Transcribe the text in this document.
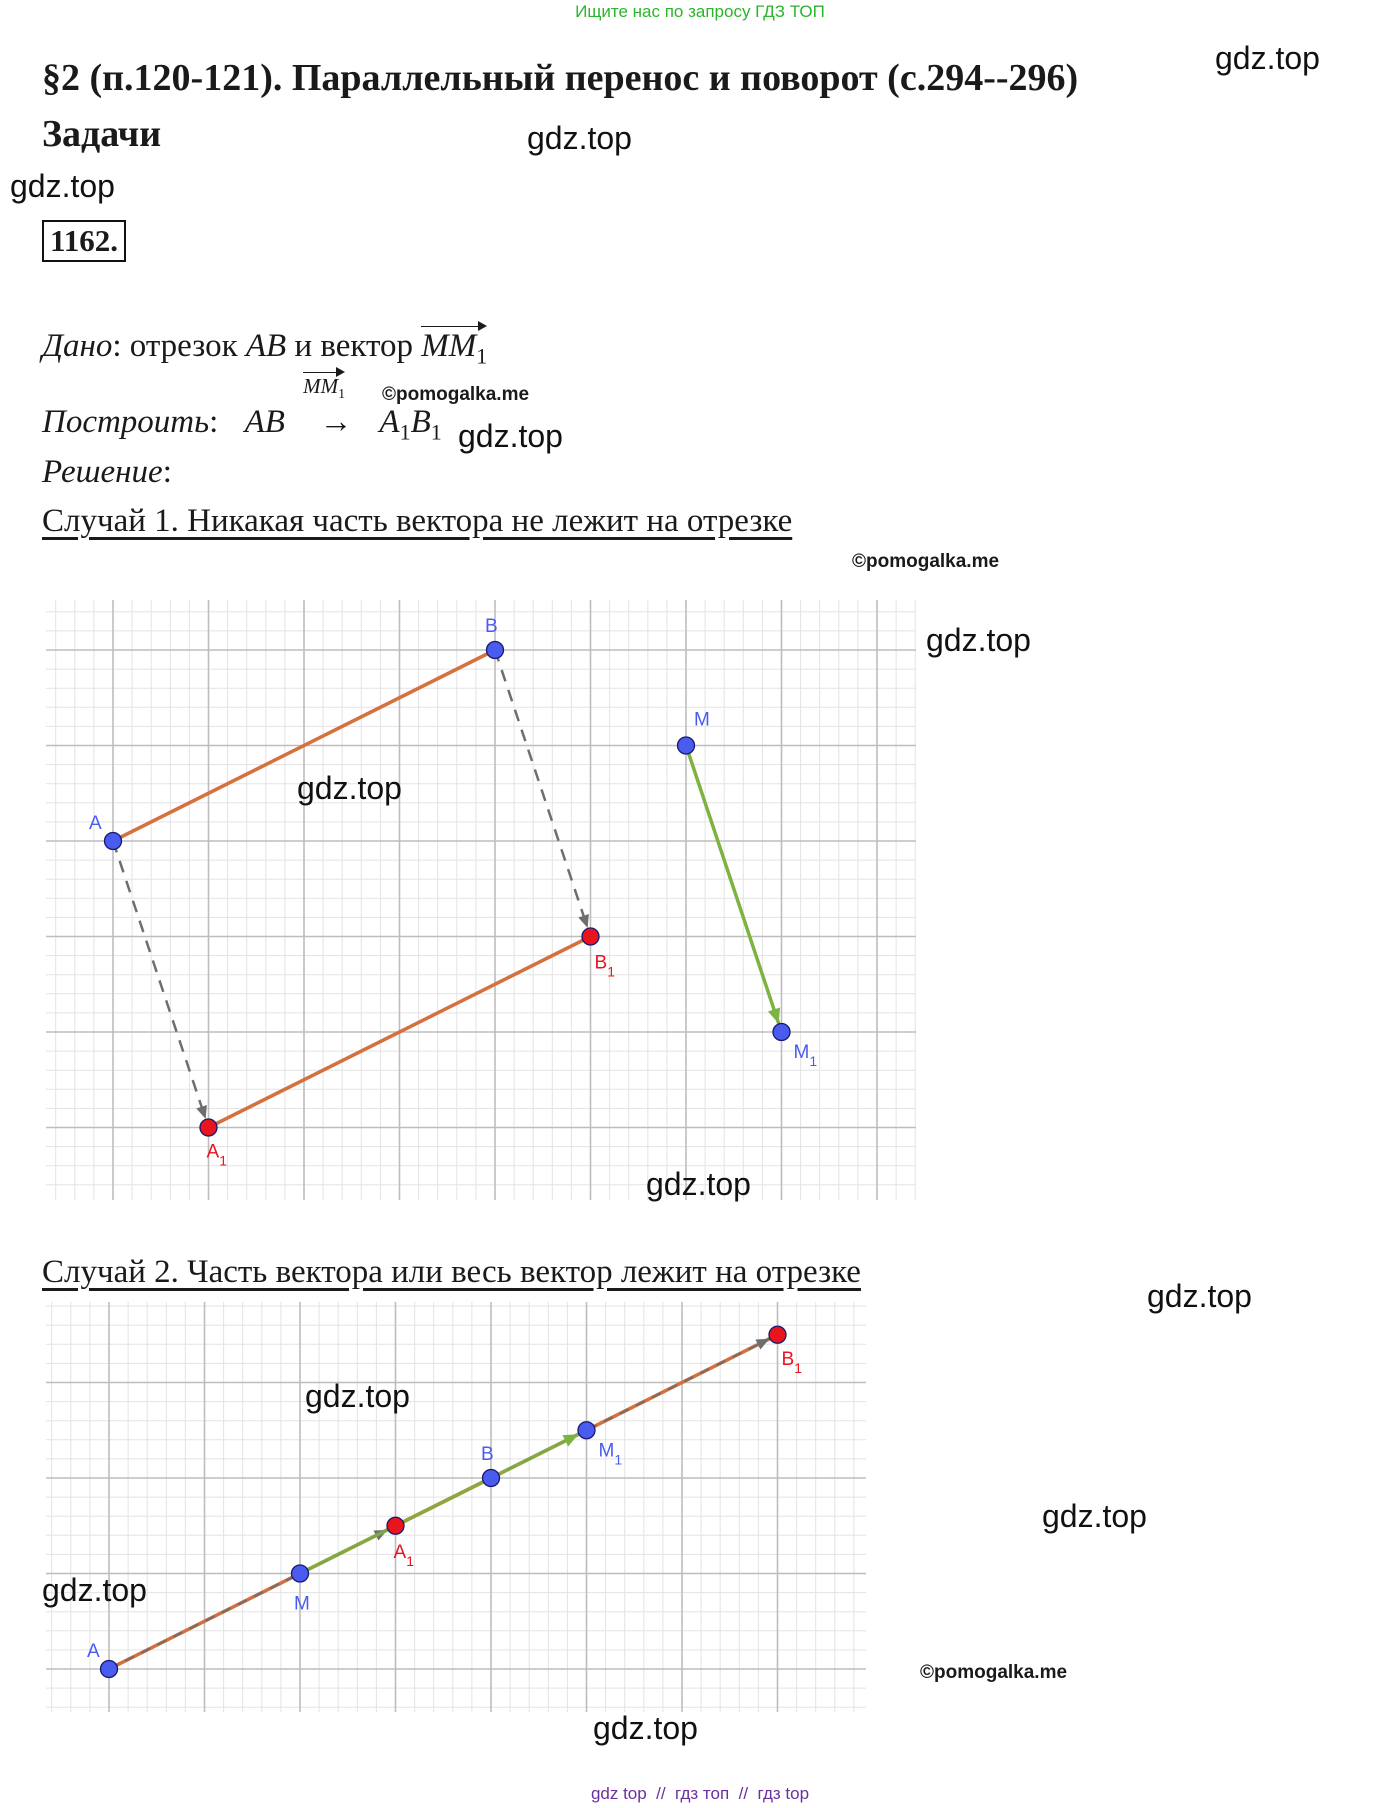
Ищите нас по запросу ГДЗ ТОП
§2 (п.120-121). Параллельный перенос и поворот (с.294--296)
Задачи
1162.
Дано: отрезок AB и вектор $MM_1$
Построить: AB
$MM_1$
→ $A_1B_1$
Решение:
Случай 1. Никакая часть вектора не лежит на отрезке
A
B
M
$M_1$
$A_1$
$B_1$
Случай 2. Часть вектора или весь вектор лежит на отрезке
A
M
$A_1$
B	$M_1$
$B_1$
gdz.top
gdz.top
gdz.top
gdz.top
gdz.top
gdz.top
gdz.top
gdz.top
gdz.top
gdz.top
gdz.top
gdz.top
©pomogalka.me
©pomogalka.me
©pomogalka.me
gdz top  //  гдз топ  //  гдз top
